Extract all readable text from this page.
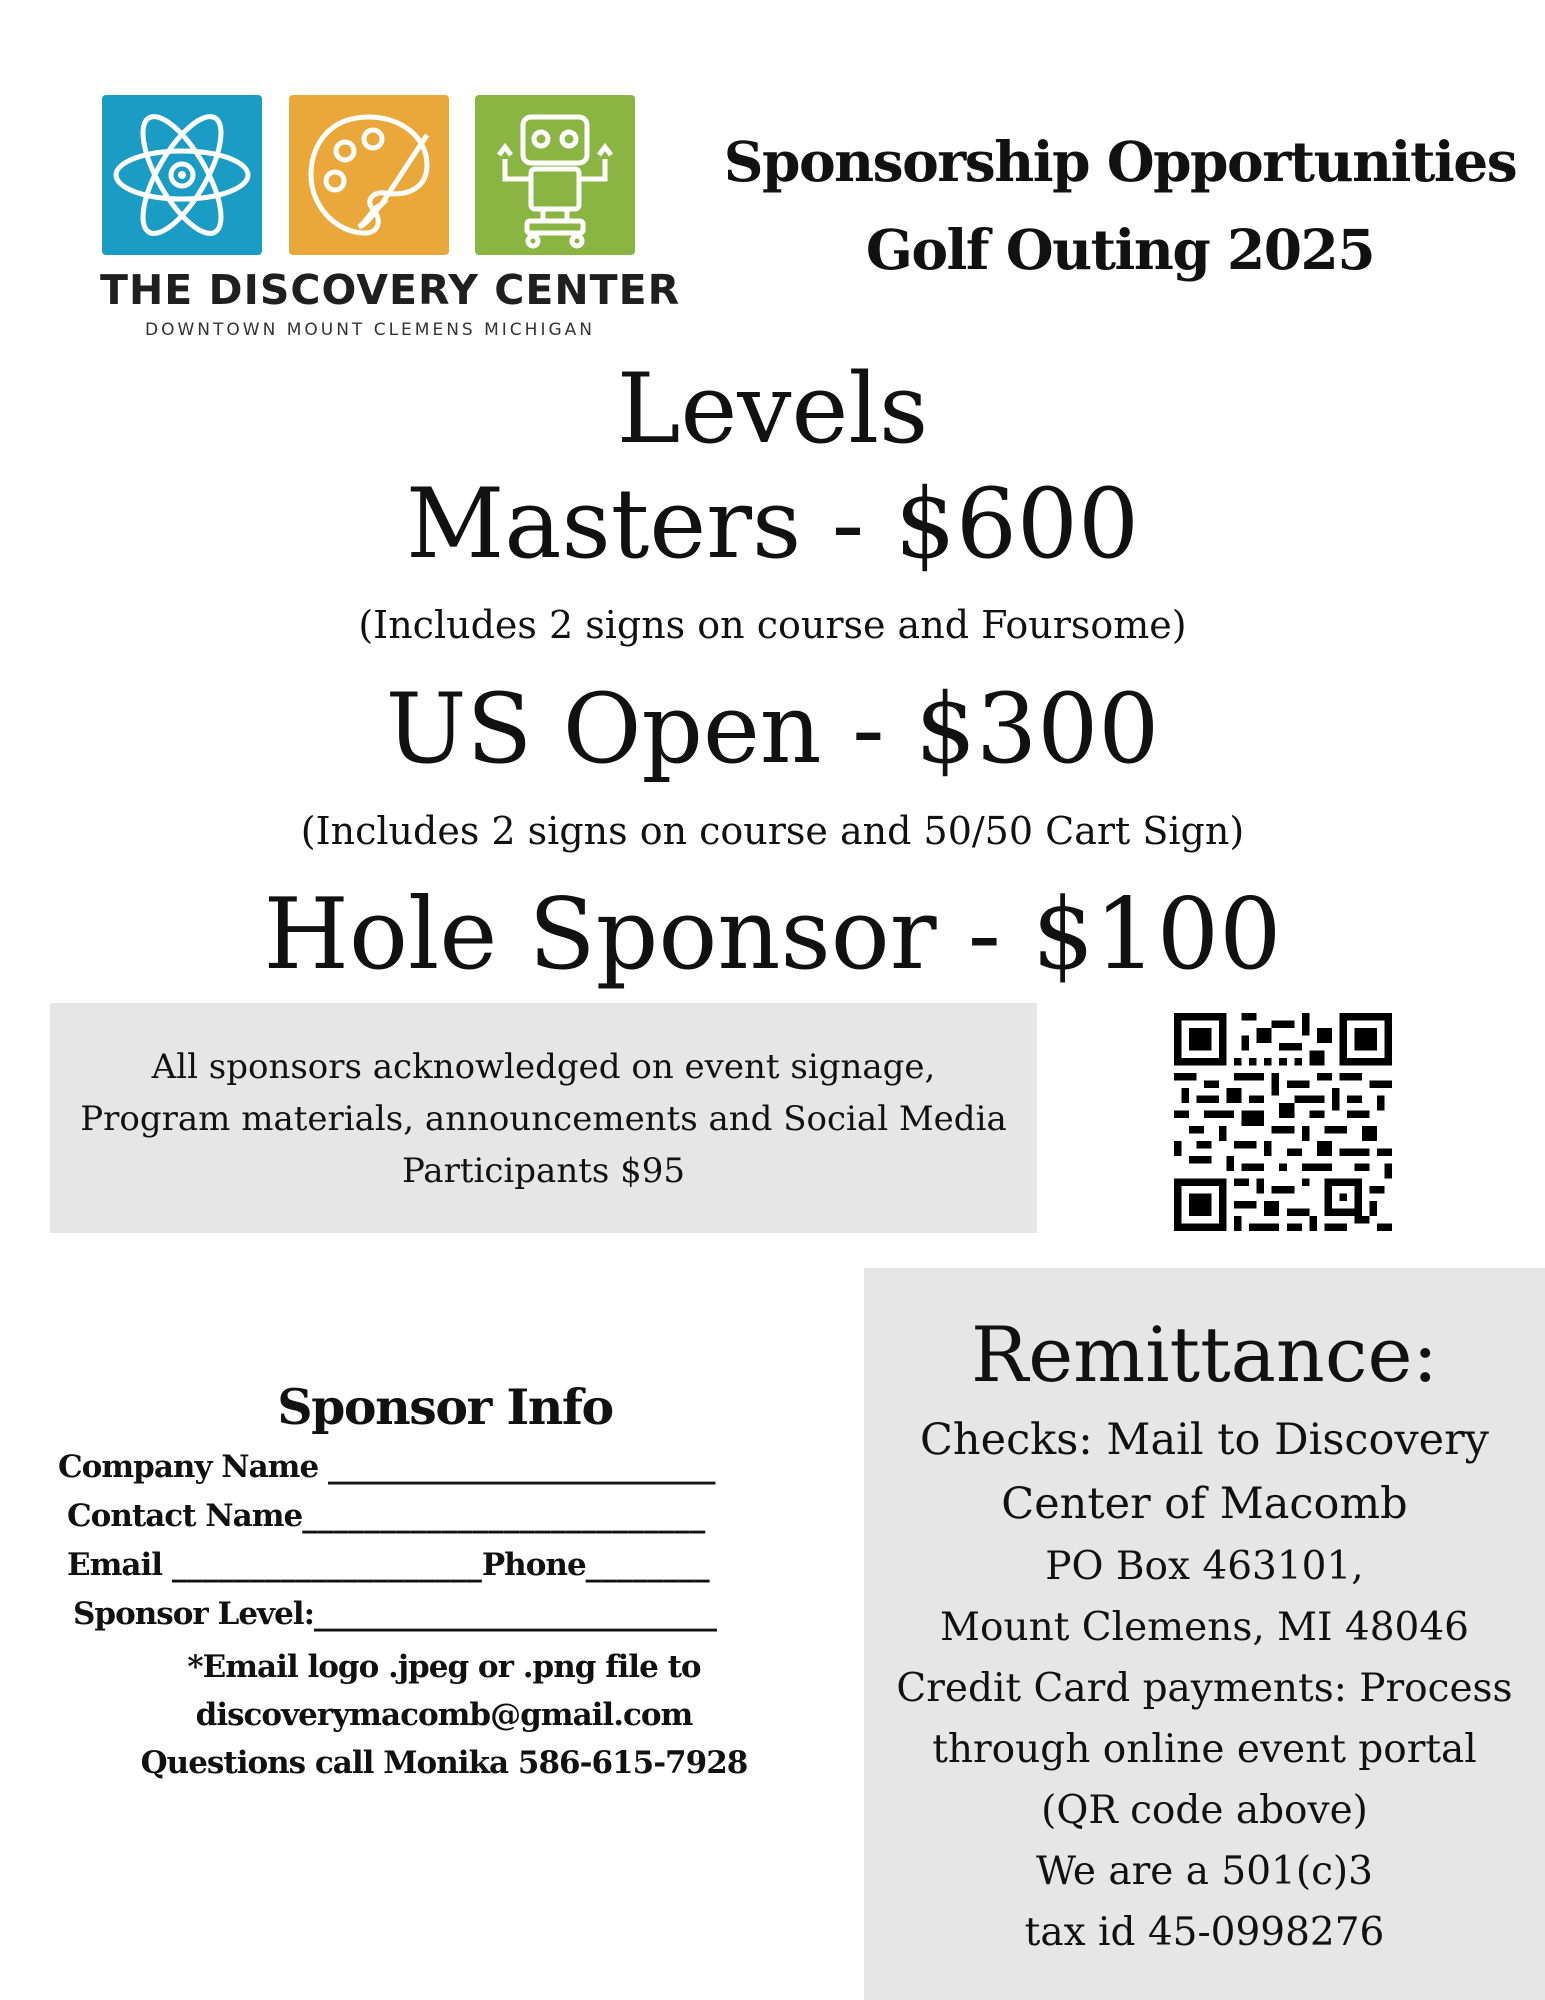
THE DISCOVERY CENTER
DOWNTOWN MOUNT CLEMENS MICHIGAN
Sponsorship Opportunities
Golf Outing 2025
Levels
Masters - $600
(Includes 2 signs on course and Foursome)
US Open - $300
(Includes 2 signs on course and 50/50 Cart Sign)
Hole Sponsor - $100
All sponsors acknowledged on event signage,
Program materials, announcements and Social Media
Participants $95
Sponsor Info
Company Name _________________________
Contact Name__________________________
Email ____________________Phone________
Sponsor Level:__________________________
*Email logo .jpeg or .png file to
discoverymacomb@gmail.com
Questions call Monika 586-615-7928
Remittance:
Checks: Mail to Discovery
Center of Macomb
PO Box 463101,
Mount Clemens, MI 48046
Credit Card payments: Process
through online event portal
(QR code above)
We are a 501(c)3
tax id 45-0998276
